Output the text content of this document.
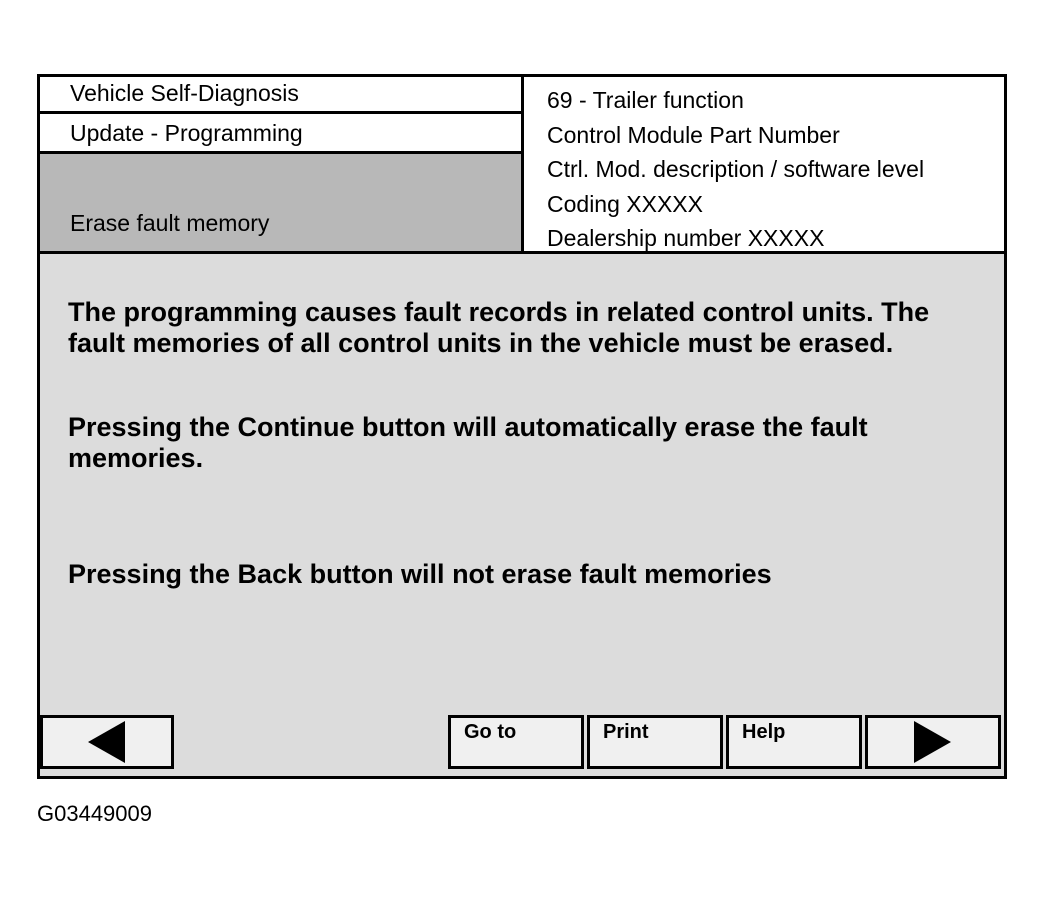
Vehicle Self-Diagnosis
Update - Programming
Erase fault memory
69 - Trailer function
Control Module Part Number
Ctrl. Mod. description / software level
Coding XXXXX
Dealership number XXXXX
The programming causes fault records in related control units. The fault memories of all control units in the vehicle must be erased.
Pressing the Continue button will automatically erase the fault memories.
Pressing the Back button will not erase fault memories
Go to	Print	Help
G03449009
